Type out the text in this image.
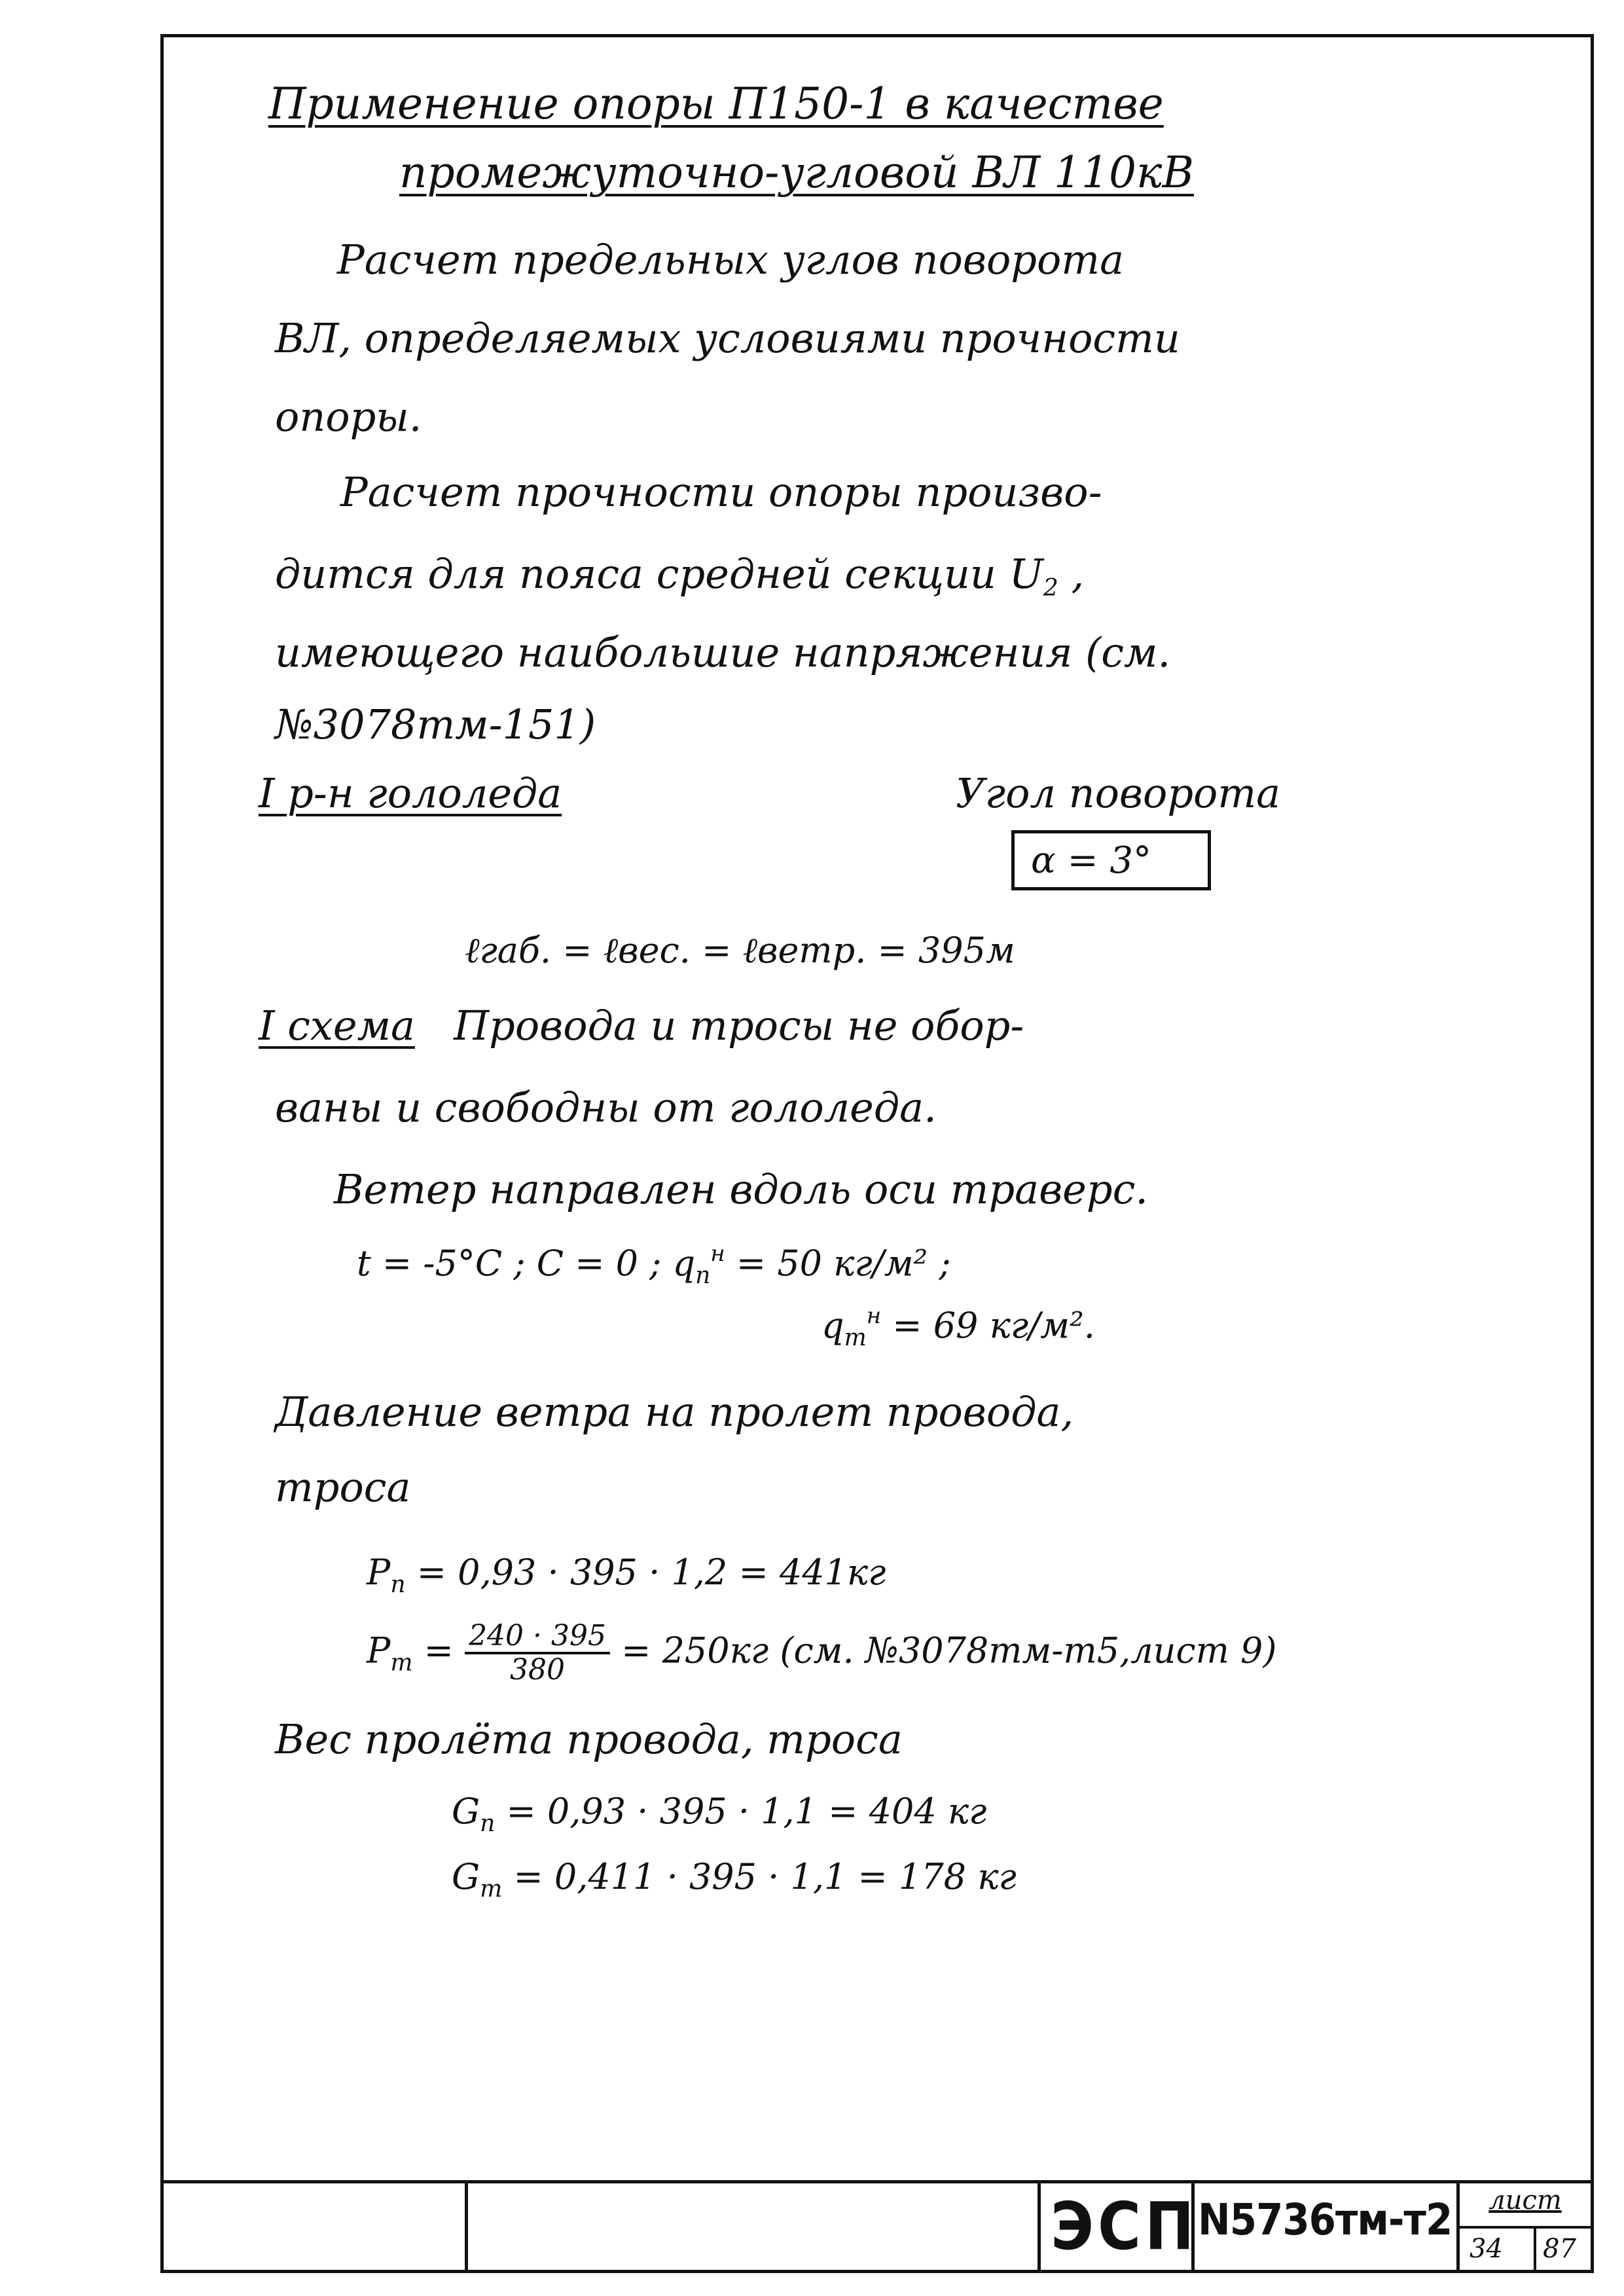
Применение опоры П150-1 в качестве
промежуточно-угловой ВЛ 110кВ
Расчет предельных углов поворота
ВЛ, определяемых условиями прочности
опоры.
Расчет прочности опоры произво-
дится для пояса средней секции $U_2$ ,
имеющего наибольшие напряжения (см.
№3078тм-151)
I р-н гололеда	Угол поворота
α = 3°
ℓгаб. = ℓвес. = ℓветр. = 395м
I схема Провода и тросы не обор-
ваны и свободны от гололеда.
Ветер направлен вдоль оси траверс.
t = -5°C ; C = 0 ; $q_п^н = 50$ кг/м² ;
$q_т^н = 69$ кг/м².
Давление ветра на пролет провода,
троса
$P_п = 0,93 \cdot 395 \cdot 1,2 = 441кг$
$P_т = \frac{240 \cdot 395}{380} = 250кг$ (см. №3078тм-т5,лист 9)
Вес пролёта провода, троса
$G_п = 0,93 \cdot 395 \cdot 1,1 = 404$ кг
$G_т = 0,411 \cdot 395 \cdot 1,1 = 178$ кг
ЭСП N5736тм-т2	лист
34 87
